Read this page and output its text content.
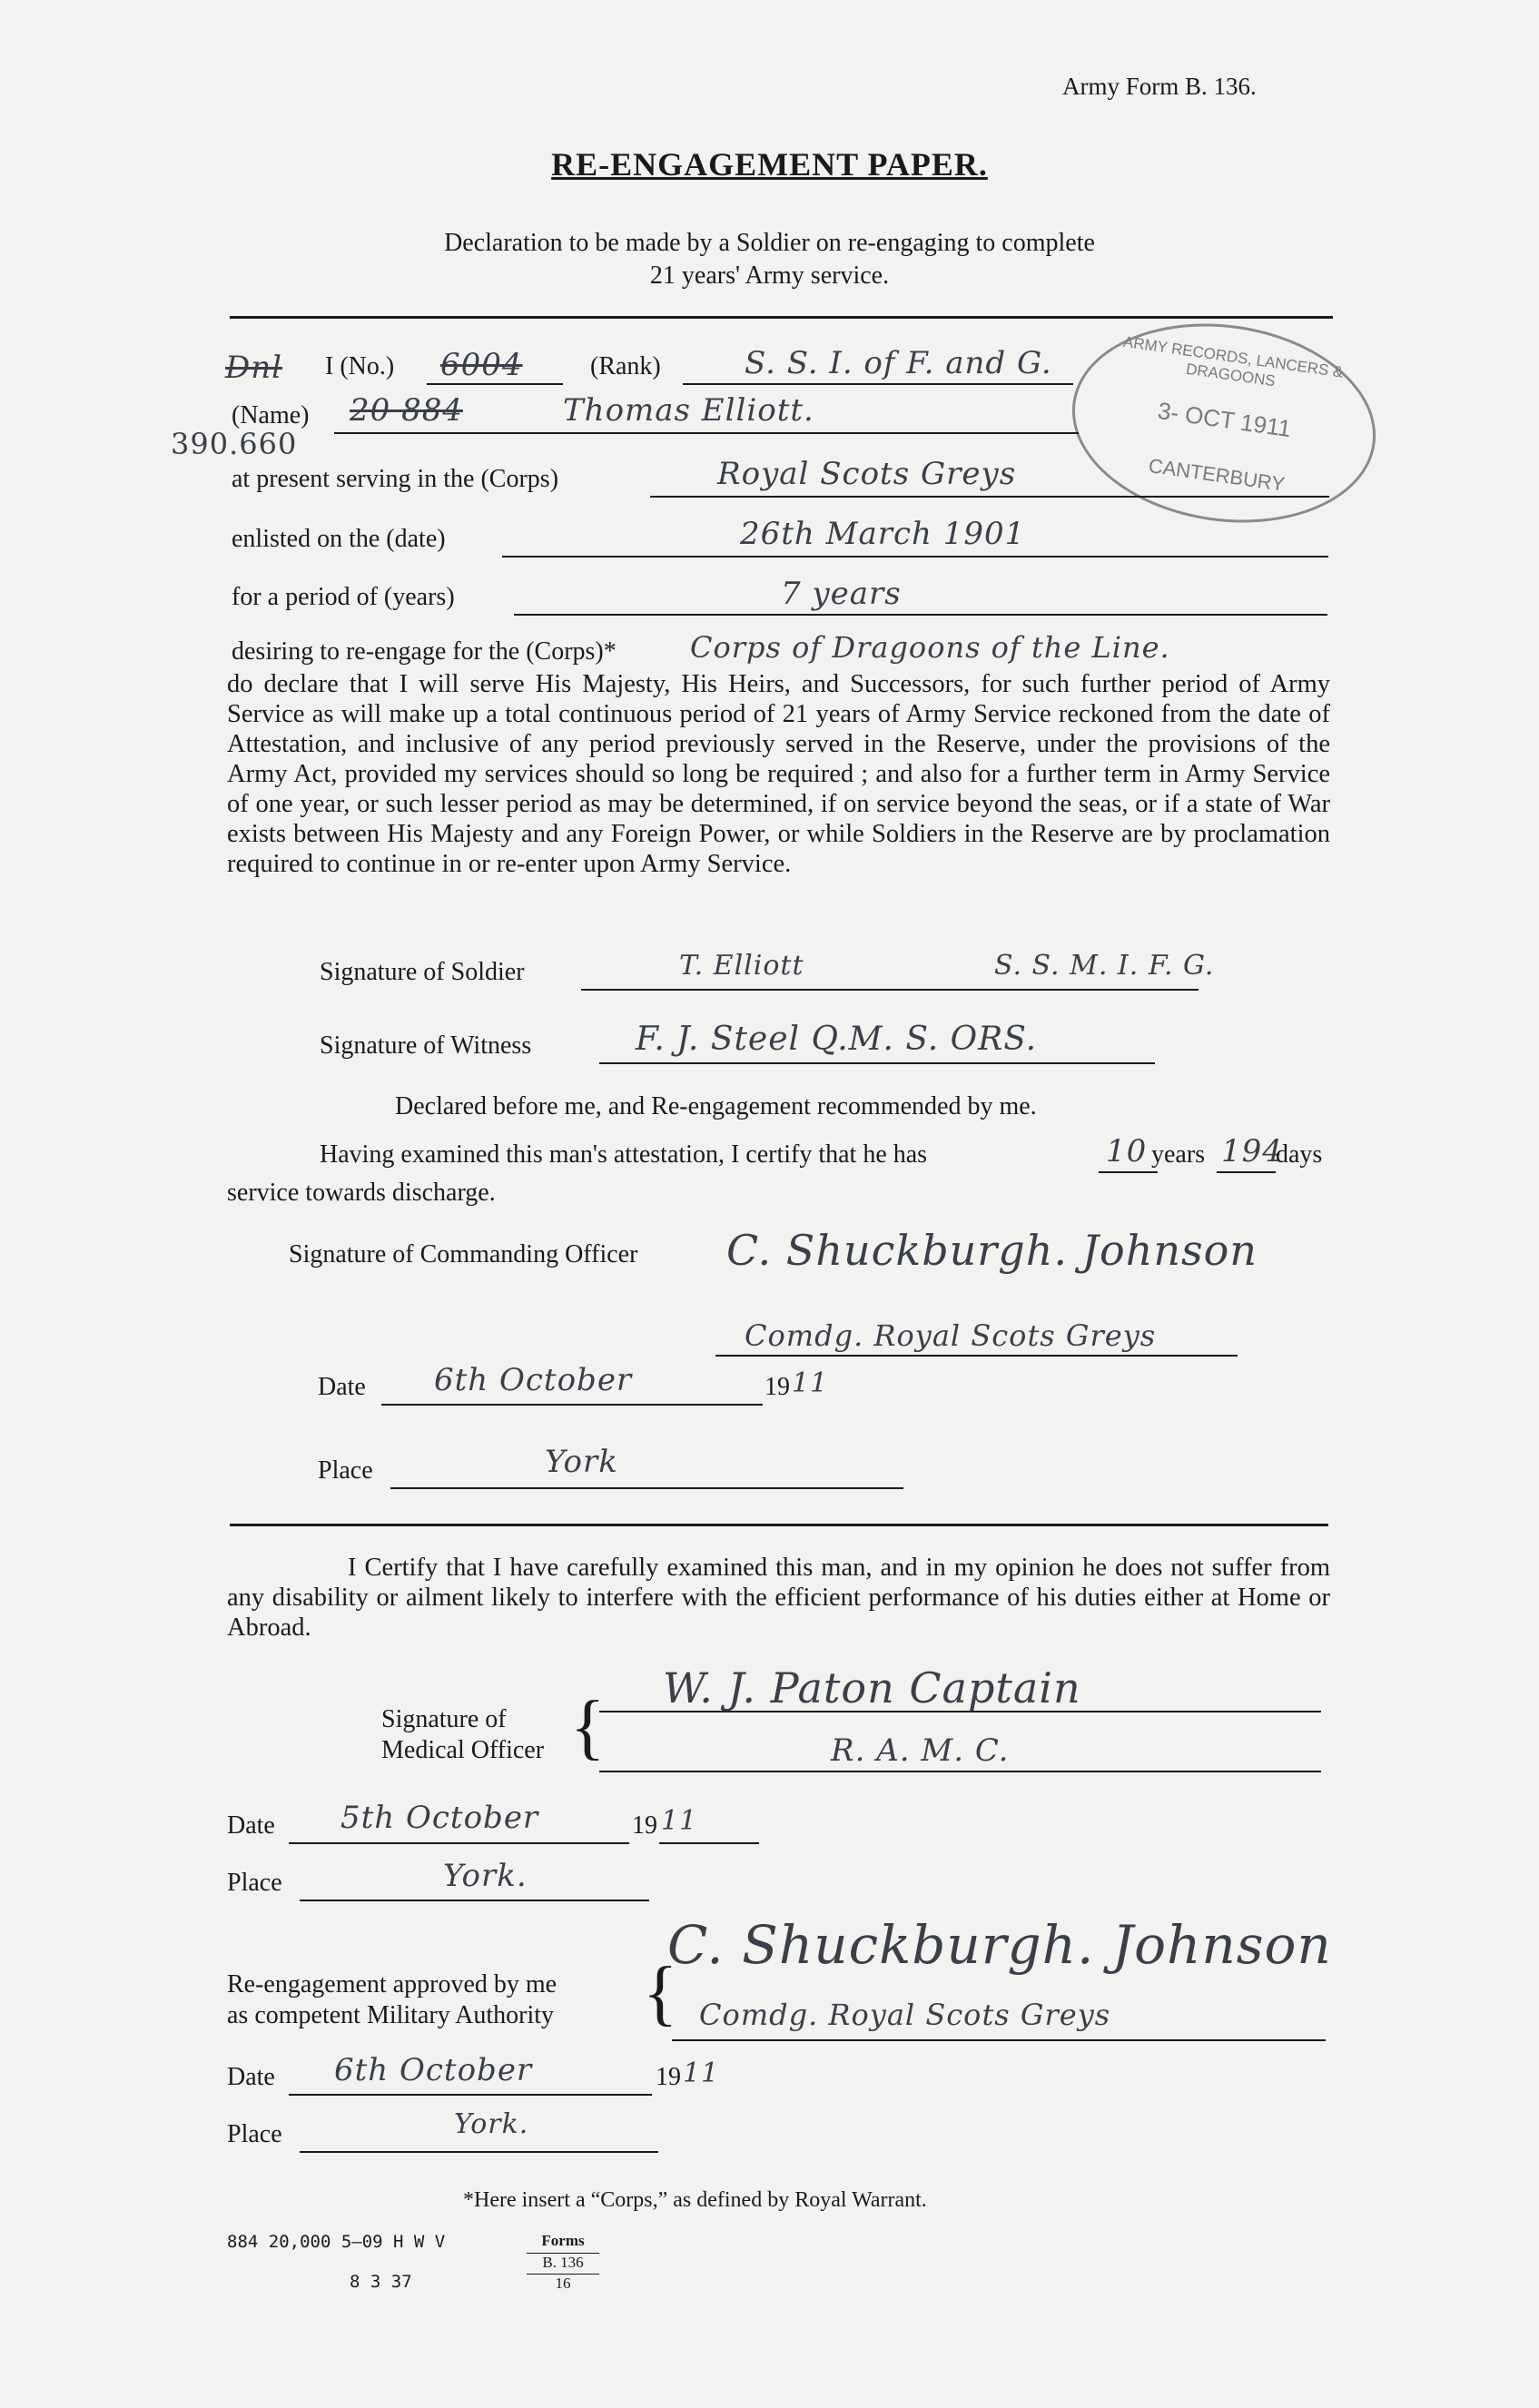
Army Form B. 136.
RE-ENGAGEMENT PAPER.
Declaration to be made by a Soldier on re-engaging to complete
21 years' Army service.
ARMY RECORDS, LANCERS & DRAGOONS
3- OCT 1911
CANTERBURY
390.660
Dnl I (No.) 6004	(Rank)	S. S. I. of F. and G.
(Name) 20 884	Thomas Elliott.
at present serving in the (Corps)	Royal Scots Greys
enlisted on the (date)	26th March 1901
for a period of (years)	7 years
desiring to re-engage for the (Corps)*	Corps of Dragoons of the Line.
do declare that I will serve His Majesty, His Heirs, and Successors, for such further period of Army Service as will make up a total continuous period of 21 years of Army Service reckoned from the date of Attestation, and inclusive of any period previously served in the Reserve, under the provisions of the Army Act, provided my services should so long be required ; and also for a further term in Army Service of one year, or such lesser period as may be determined, if on service beyond the seas, or if a state of War exists between His Majesty and any Foreign Power, or while Soldiers in the Reserve are by proclamation required to continue in or re-enter upon Army Service.
Signature of Soldier	T. Elliott	S. S. M. I. F. G.
Signature of Witness	F. J. Steel Q.M. S. ORS.
Declared before me, and Re-engagement recommended by me.
Having examined this man's attestation, I certify that he has	10 years 194
days
service towards discharge.
Signature of Commanding Officer C. Shuckburgh. Johnson
Comdg. Royal Scots Greys
Date 6th October	19 11
Place	York
I Certify that I have carefully examined this man, and in my opinion he does not suffer from any disability or ailment likely to interfere with the efficient performance of his duties either at Home or Abroad.
Signature of
Medical Officer { W. J. Paton Captain
R. A. M. C.
Date 5th October	19 11
Place	York.
Re-engagement approved by me
as competent Military Authority {
C. Shuckburgh. Johnson
Comdg. Royal Scots Greys
Date 6th October	19 11
Place	York.
*Here insert a “Corps,” as defined by Royal Warrant.
884 20,000 5—09 H W V
8 3 37
Forms
B. 136
16
